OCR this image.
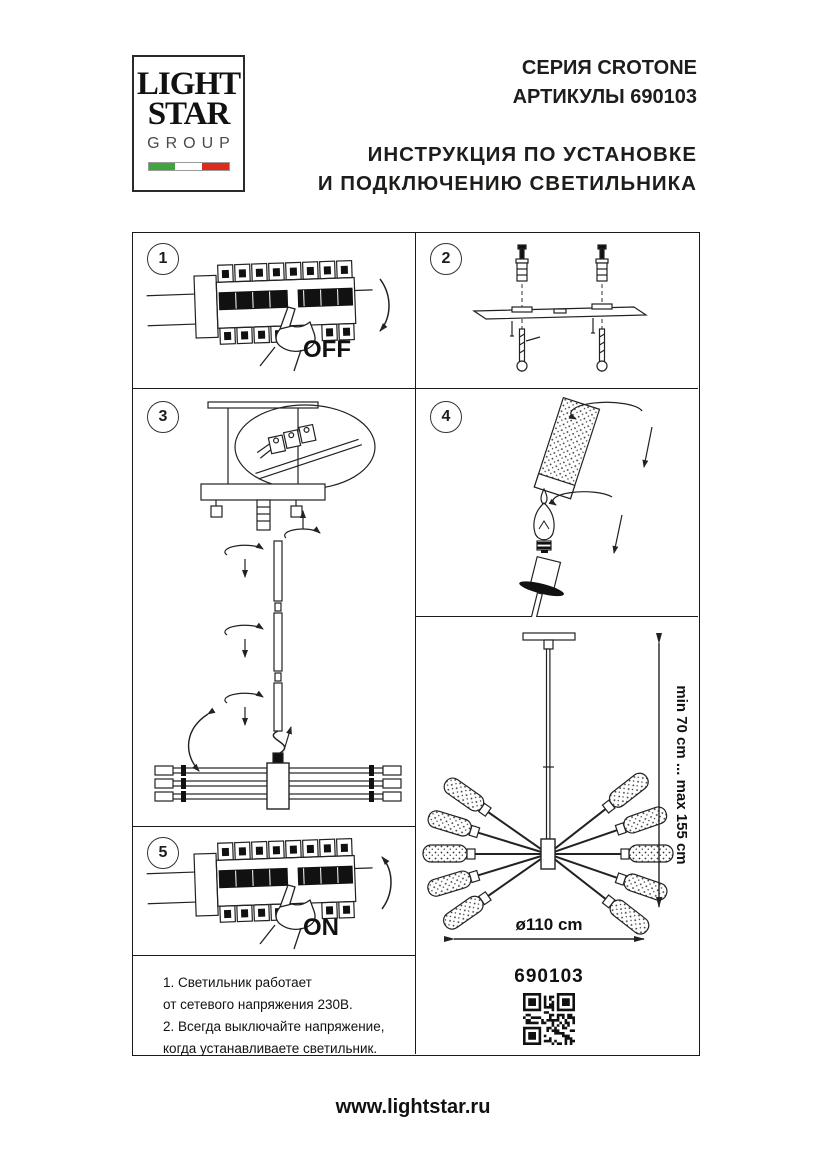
LIGHT
STAR
GROUP
СЕРИЯ CROTONE
АРТИКУЛЫ 690103
ИНСТРУКЦИЯ ПО УСТАНОВКЕ
И ПОДКЛЮЧЕНИЮ СВЕТИЛЬНИКА
1
OFF
2
3	4
5
ON
1. Светильник работает
от сетевого напряжения 230В.
2. Всегда выключайте напряжение,
когда устанавливаете светильник.
min 70 cm ... max 155 cm
ø110 cm
690103
www.lightstar.ru
